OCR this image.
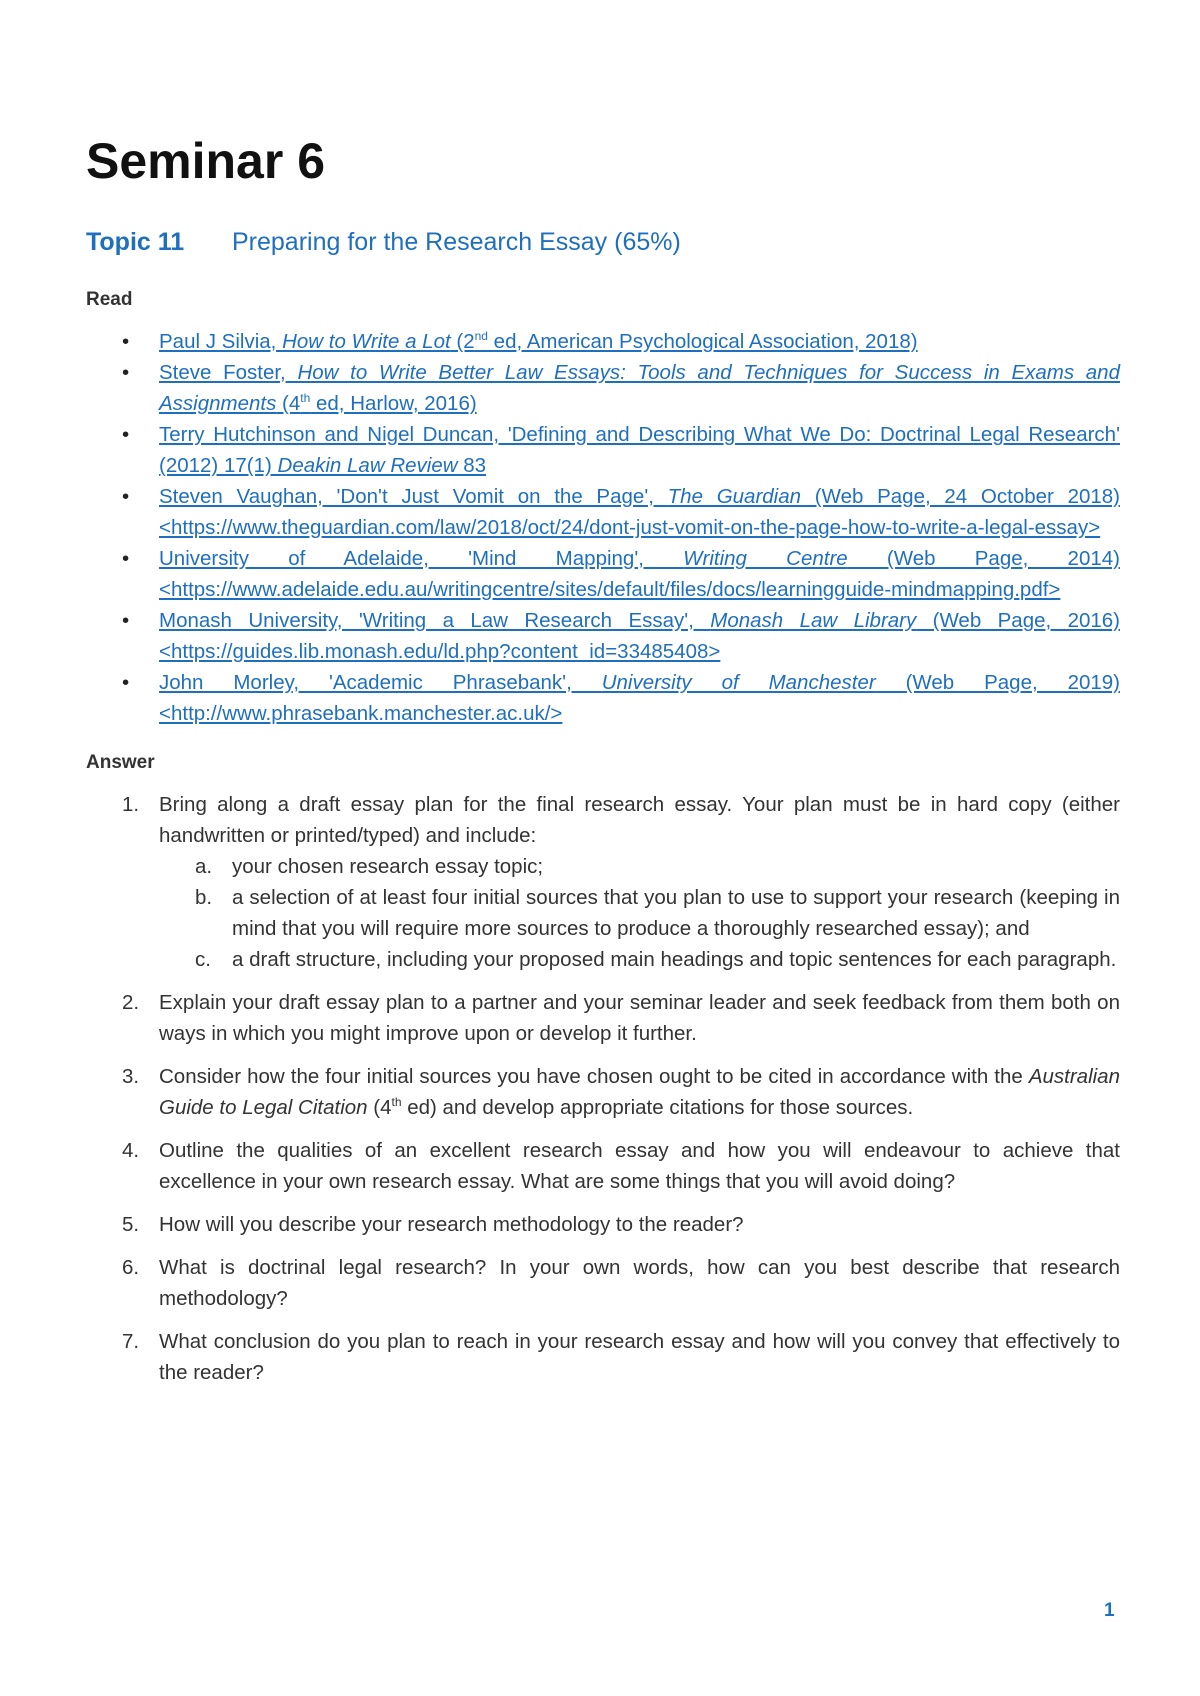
Seminar 6
Topic 11 Preparing for the Research Essay (65%)
Read
• Paul J Silvia, How to Write a Lot (2nd ed, American Psychological Association, 2018)
• Steve Foster, How to Write Better Law Essays: Tools and Techniques for Success in Exams and Assignments (4th ed, Harlow, 2016)
• Terry Hutchinson and Nigel Duncan, 'Defining and Describing What We Do: Doctrinal Legal Research' (2012) 17(1) Deakin Law Review 83
• Steven Vaughan, 'Don't Just Vomit on the Page', The Guardian (Web Page, 24 October 2018) <https://www.theguardian.com/law/2018/oct/24/dont-just-vomit-on-the-page-how-to-write-a-legal-essay>
• University of Adelaide, 'Mind Mapping', Writing Centre (Web Page, 2014) <https://www.adelaide.edu.au/writingcentre/sites/default/files/docs/learningguide-mindmapping.pdf>
• Monash University, 'Writing a Law Research Essay', Monash Law Library (Web Page, 2016) <https://guides.lib.monash.edu/ld.php?content_id=33485408>
• John Morley, 'Academic Phrasebank', University of Manchester (Web Page, 2019) <http://www.phrasebank.manchester.ac.uk/>
Answer
1. Bring along a draft essay plan for the final research essay. Your plan must be in hard copy (either handwritten or printed/typed) and include:
a. your chosen research essay topic;
b. a selection of at least four initial sources that you plan to use to support your research (keeping in mind that you will require more sources to produce a thoroughly researched essay); and
c. a draft structure, including your proposed main headings and topic sentences for each paragraph.
2. Explain your draft essay plan to a partner and your seminar leader and seek feedback from them both on ways in which you might improve upon or develop it further.
3. Consider how the four initial sources you have chosen ought to be cited in accordance with the Australian Guide to Legal Citation (4th ed) and develop appropriate citations for those sources.
4. Outline the qualities of an excellent research essay and how you will endeavour to achieve that excellence in your own research essay. What are some things that you will avoid doing?
5. How will you describe your research methodology to the reader?
6. What is doctrinal legal research? In your own words, how can you best describe that research methodology?
7. What conclusion do you plan to reach in your research essay and how will you convey that effectively to the reader?
1
